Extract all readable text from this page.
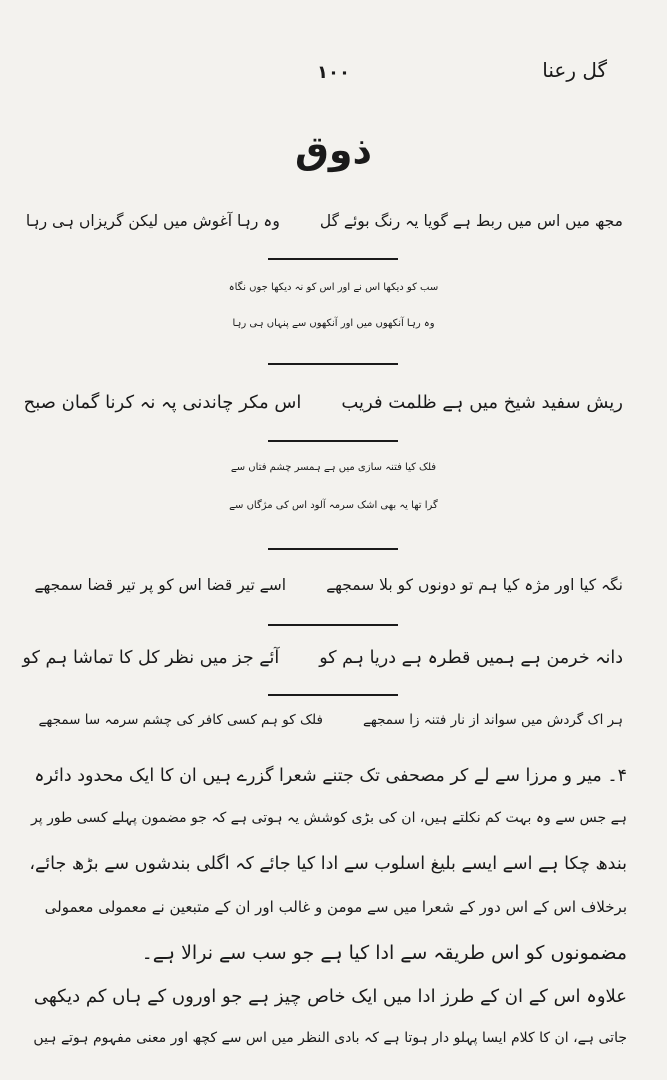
گل رعنا
١٠٠
ذوق
مجھ میں اس میں ربط ہے گویا یہ رنگ بوئے گلوہ رہا آغوش میں لیکن گریزاں ہی رہا
سب کو دیکھا اس نے اور اس کو نہ دیکھا جوں نگاہ
وہ رہا آنکھوں میں اور آنکھوں سے پنہاں ہی رہا
ریش سفید شیخ میں ہے ظلمت فریباس مکر چاندنی پہ نہ کرنا گمان صبح
فلک کیا فتنہ سازی میں ہے ہمسر چشم فتاں سے
گرا تھا یہ بھی اشک سرمہ آلود اس کی مژگاں سے
نگہ کیا اور مژہ کیا ہم تو دونوں کو بلا سمجھےاسے تیر قضا اس کو پر تیر قضا سمجھے
دانہ خرمن ہے ہمیں قطرہ ہے دریا ہم کوآئے جز میں نظر کل کا تماشا ہم کو
ہر اک گردش میں سواند از نار فتنہ زا سمجھےفلک کو ہم کسی کافر کی چشم سرمہ سا سمجھے
۴۔ میر و مرزا سے لے کر مصحفی تک جتنے شعرا گزرے ہیں ان کا ایک محدود دائرہ
ہے جس سے وہ بہت کم نکلتے ہیں، ان کی بڑی کوشش یہ ہوتی ہے کہ جو مضمون پہلے کسی طور پر
بندھ چکا ہے اسے ایسے بلیغ اسلوب سے ادا کیا جائے کہ اگلی بندشوں سے بڑھ جائے،
برخلاف اس کے اس دور کے شعرا میں سے مومن و غالب اور ان کے متبعین نے معمولی معمولی
مضمونوں کو اس طریقہ سے ادا کیا ہے جو سب سے نرالا ہے۔
علاوہ اس کے ان کے طرز ادا میں ایک خاص چیز ہے جو اوروں کے ہاں کم دیکھی
جاتی ہے، ان کا کلام ایسا پہلو دار ہوتا ہے کہ بادی النظر میں اس سے کچھ اور معنی مفہوم ہوتے ہیں
